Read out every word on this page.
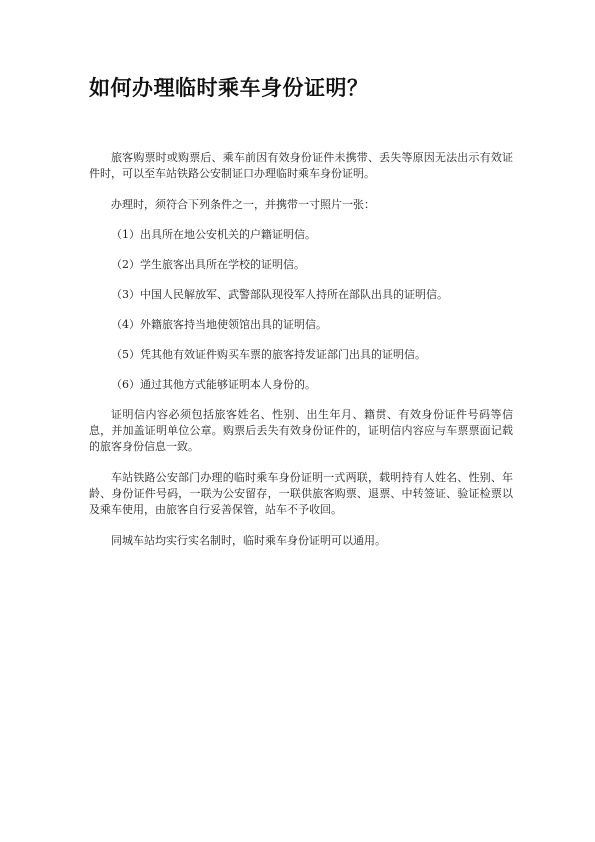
如何办理临时乘车身份证明？

旅客购票时或购票后、乘车前因有效身份证件未携带、丢失等原因无法出示有效证件时，可以至车站铁路公安制证口办理临时乘车身份证明。

办理时，须符合下列条件之一，并携带一寸照片一张：

（1）出具所在地公安机关的户籍证明信。

（2）学生旅客出具所在学校的证明信。

（3）中国人民解放军、武警部队现役军人持所在部队出具的证明信。

（4）外籍旅客持当地使领馆出具的证明信。

（5）凭其他有效证件购买车票的旅客持发证部门出具的证明信。

（6）通过其他方式能够证明本人身份的。

证明信内容必须包括旅客姓名、性别、出生年月、籍贯、有效身份证件号码等信息，并加盖证明单位公章。购票后丢失有效身份证件的，证明信内容应与车票票面记载的旅客身份信息一致。

车站铁路公安部门办理的临时乘车身份证明一式两联，载明持有人姓名、性别、年龄、身份证件号码，一联为公安留存，一联供旅客购票、退票、中转签证、验证检票以及乘车使用，由旅客自行妥善保管，站车不予收回。

同城车站均实行实名制时，临时乘车身份证明可以通用。
